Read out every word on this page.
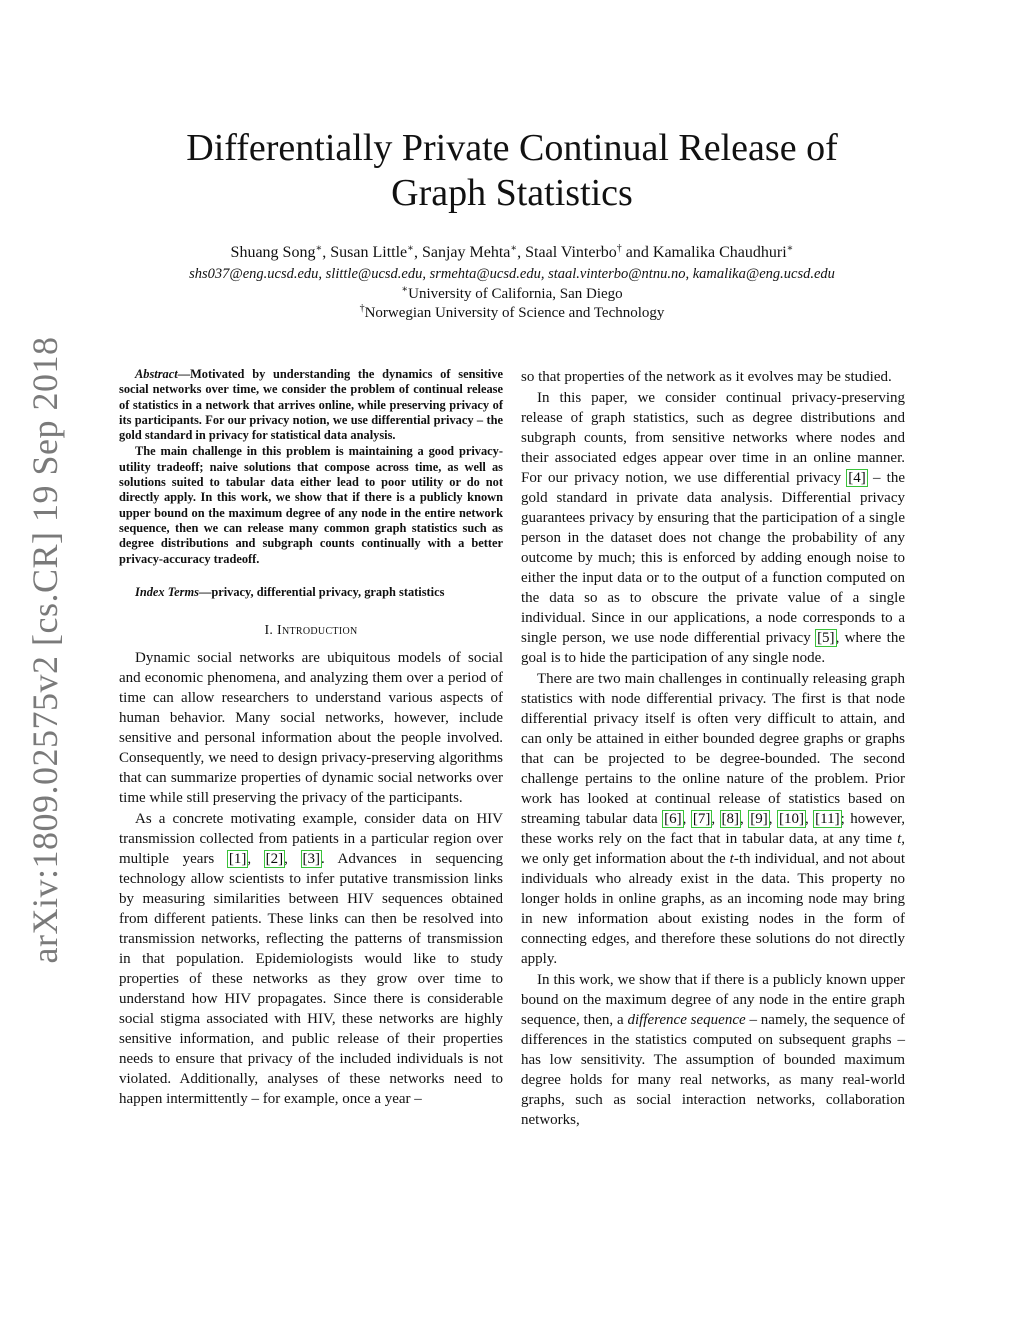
arXiv:1809.02575v2 [cs.CR] 19 Sep 2018
Differentially Private Continual Release of
Graph Statistics
Shuang Song∗, Susan Little∗, Sanjay Mehta∗, Staal Vinterbo† and Kamalika Chaudhuri∗
shs037@eng.ucsd.edu, slittle@ucsd.edu, srmehta@ucsd.edu, staal.vinterbo@ntnu.no, kamalika@eng.ucsd.edu
∗University of California, San Diego
†Norwegian University of Science and Technology

Abstract—Motivated by understanding the dynamics of sensitive social networks over time, we consider the problem of continual release of statistics in a network that arrives online, while preserving privacy of its participants. For our privacy notion, we use differential privacy – the gold standard in privacy for statistical data analysis.

The main challenge in this problem is maintaining a good privacy-utility tradeoff; naive solutions that compose across time, as well as solutions suited to tabular data either lead to poor utility or do not directly apply. In this work, we show that if there is a publicly known upper bound on the maximum degree of any node in the entire network sequence, then we can release many common graph statistics such as degree distributions and subgraph counts continually with a better privacy-accuracy tradeoff.

Index Terms—privacy, differential privacy, graph statistics

I. Introduction

Dynamic social networks are ubiquitous models of social and economic phenomena, and analyzing them over a period of time can allow researchers to understand various aspects of human behavior. Many social networks, however, include sensitive and personal information about the people involved. Consequently, we need to design privacy-preserving algorithms that can summarize properties of dynamic social networks over time while still preserving the privacy of the participants.

As a concrete motivating example, consider data on HIV transmission collected from patients in a particular region over multiple years [1], [2], [3]. Advances in sequencing technology allow scientists to infer putative transmission links by measuring similarities between HIV sequences obtained from different patients. These links can then be resolved into transmission networks, reflecting the patterns of transmission in that population. Epidemiologists would like to study properties of these networks as they grow over time to understand how HIV propagates. Since there is considerable social stigma associated with HIV, these networks are highly sensitive information, and public release of their properties needs to ensure that privacy of the included individuals is not violated. Additionally, analyses of these networks need to happen intermittently – for example, once a year –

so that properties of the network as it evolves may be studied.

In this paper, we consider continual privacy-preserving release of graph statistics, such as degree distributions and subgraph counts, from sensitive networks where nodes and their associated edges appear over time in an online manner. For our privacy notion, we use differential privacy [4] – the gold standard in private data analysis. Differential privacy guarantees privacy by ensuring that the participation of a single person in the dataset does not change the probability of any outcome by much; this is enforced by adding enough noise to either the input data or to the output of a function computed on the data so as to obscure the private value of a single individual. Since in our applications, a node corresponds to a single person, we use node differential privacy [5], where the goal is to hide the participation of any single node.

There are two main challenges in continually releasing graph statistics with node differential privacy. The first is that node differential privacy itself is often very difficult to attain, and can only be attained in either bounded degree graphs or graphs that can be projected to be degree-bounded. The second challenge pertains to the online nature of the problem. Prior work has looked at continual release of statistics based on streaming tabular data [6], [7], [8], [9], [10], [11]; however, these works rely on the fact that in tabular data, at any time t, we only get information about the t-th individual, and not about individuals who already exist in the data. This property no longer holds in online graphs, as an incoming node may bring in new information about existing nodes in the form of connecting edges, and therefore these solutions do not directly apply.

In this work, we show that if there is a publicly known upper bound on the maximum degree of any node in the entire graph sequence, then, a difference sequence – namely, the sequence of differences in the statistics computed on subsequent graphs – has low sensitivity. The assumption of bounded maximum degree holds for many real networks, as many real-world graphs, such as social interaction networks, collaboration networks,
